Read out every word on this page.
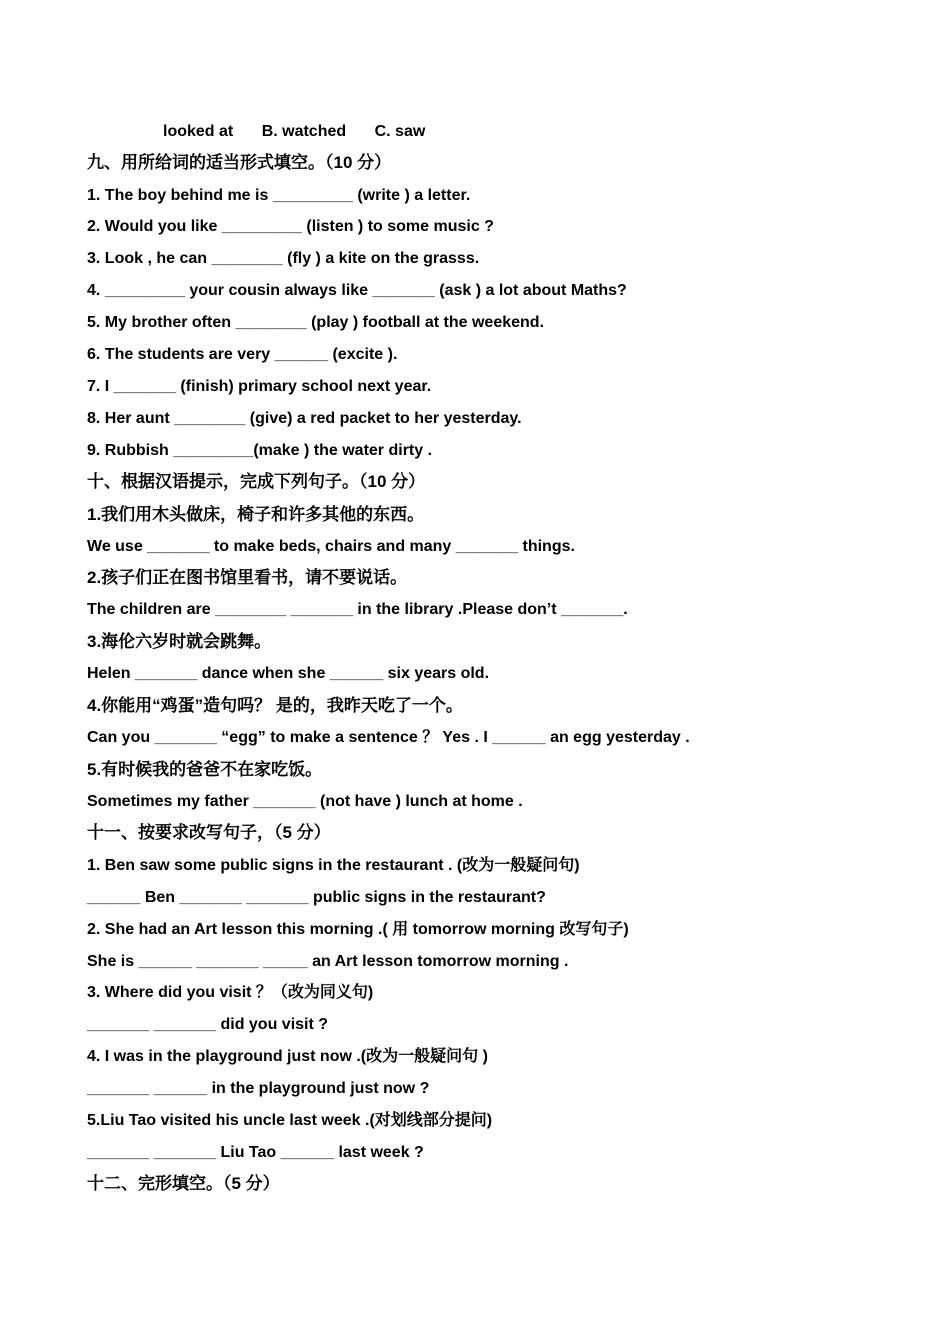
looked at B. watched C. saw
九、用所给词的适当形式填空。（10 分）
1. The boy behind me is _________ (write ) a letter.
2. Would you like _________ (listen ) to some music ?
3. Look , he can ________ (fly ) a kite on the grasss.
4. _________ your cousin always like _______ (ask ) a lot about Maths?
5. My brother often ________ (play ) football at the weekend.
6. The students are very ______ (excite ).
7. I _______ (finish) primary school next year.
8. Her aunt ________ (give) a red packet to her yesterday.
9. Rubbish _________(make ) the water dirty .
十、根据汉语提示，完成下列句子。（10 分）
1.我们用木头做床，椅子和许多其他的东西。
We use _______ to make beds, chairs and many _______ things.
2.孩子们正在图书馆里看书，请不要说话。
The children are ________ _______ in the library .Please don’t _______.
3.海伦六岁时就会跳舞。
Helen _______ dance when she ______ six years old.
4.你能用“鸡蛋”造句吗？ 是的，我昨天吃了一个。
Can you _______ “egg” to make a sentence ？ Yes . I ______ an egg yesterday .
5.有时候我的爸爸不在家吃饭。
Sometimes my father _______ (not have ) lunch at home .
十一、按要求改写句子，（5 分）
1. Ben saw some public signs in the restaurant . (改为一般疑问句)
______ Ben _______ _______ public signs in the restaurant?
2. She had an Art lesson this morning .( 用 tomorrow morning 改写句子)
She is ______ _______ _____ an Art lesson tomorrow morning .
3. Where did you visit ？（改为同义句)
_______ _______ did you visit ?
4. I was in the playground just now .(改为一般疑问句 )
_______ ______ in the playground just now ?
5.Liu Tao visited his uncle last week .(对划线部分提问)
_______ _______ Liu Tao ______ last week ?
十二、完形填空。（5 分）
